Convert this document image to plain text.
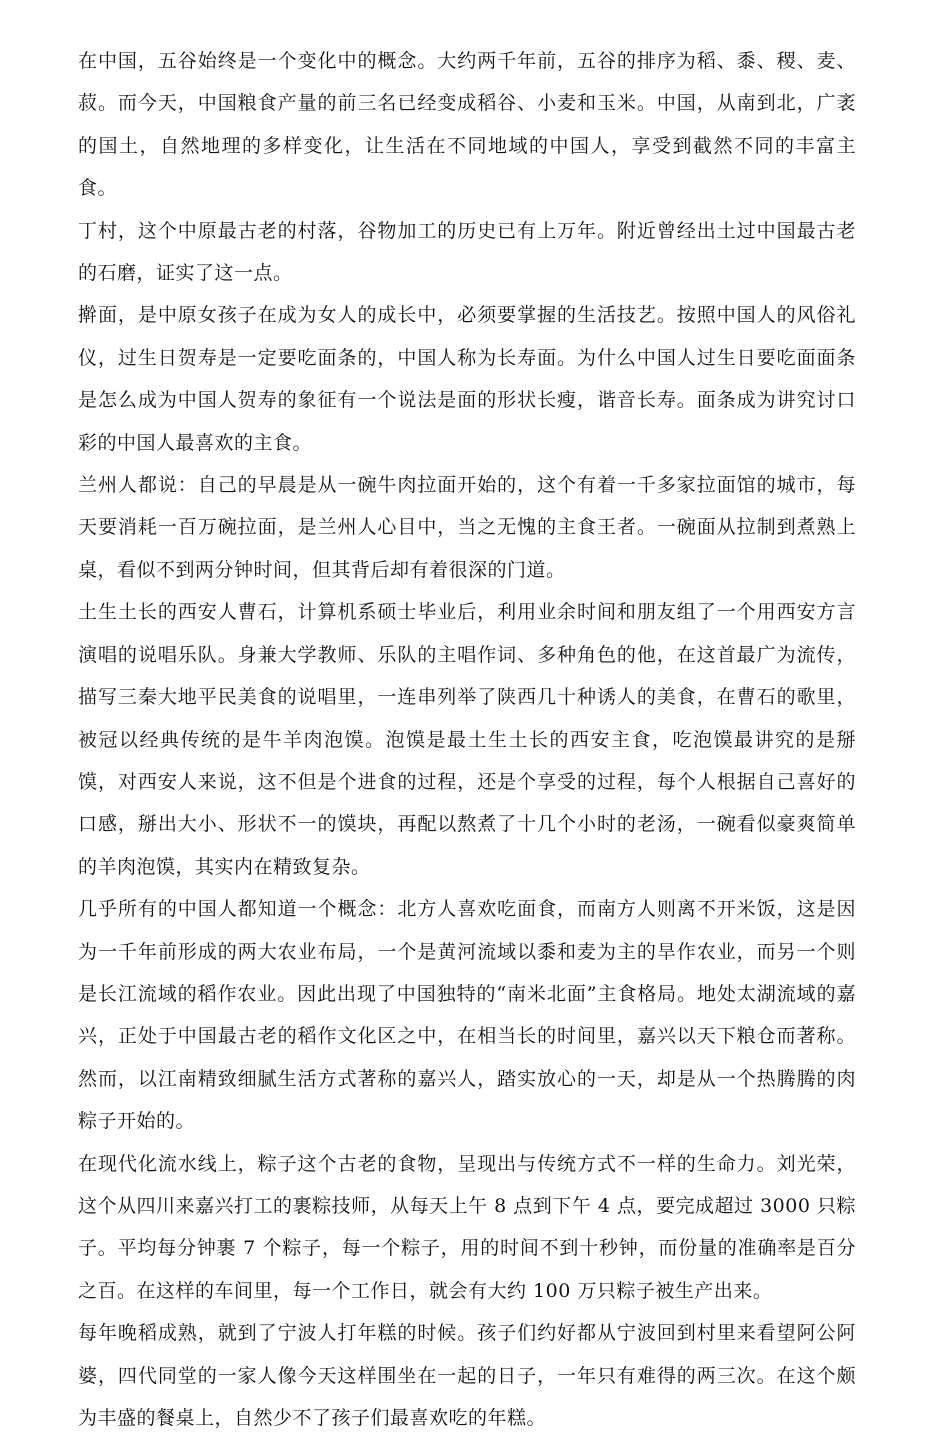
在中国，五谷始终是一个变化中的概念。大约两千年前，五谷的排序为稻、黍、稷、麦、菽。而今天，中国粮食产量的前三名已经变成稻谷、小麦和玉米。中国，从南到北，广袤的国土，自然地理的多样变化，让生活在不同地域的中国人，享受到截然不同的丰富主食。

丁村，这个中原最古老的村落，谷物加工的历史已有上万年。附近曾经出土过中国最古老的石磨，证实了这一点。

擀面，是中原女孩子在成为女人的成长中，必须要掌握的生活技艺。按照中国人的风俗礼仪，过生日贺寿是一定要吃面条的，中国人称为长寿面。为什么中国人过生日要吃面面条是怎么成为中国人贺寿的象征有一个说法是面的形状长瘦，谐音长寿。面条成为讲究讨口彩的中国人最喜欢的主食。

兰州人都说：自己的早晨是从一碗牛肉拉面开始的，这个有着一千多家拉面馆的城市，每天要消耗一百万碗拉面，是兰州人心目中，当之无愧的主食王者。一碗面从拉制到煮熟上桌，看似不到两分钟时间，但其背后却有着很深的门道。

土生土长的西安人曹石，计算机系硕士毕业后，利用业余时间和朋友组了一个用西安方言演唱的说唱乐队。身兼大学教师、乐队的主唱作词、多种角色的他，在这首最广为流传，描写三秦大地平民美食的说唱里，一连串列举了陕西几十种诱人的美食，在曹石的歌里，被冠以经典传统的是牛羊肉泡馍。泡馍是最土生土长的西安主食，吃泡馍最讲究的是掰馍，对西安人来说，这不但是个进食的过程，还是个享受的过程，每个人根据自己喜好的口感，掰出大小、形状不一的馍块，再配以熬煮了十几个小时的老汤，一碗看似豪爽简单的羊肉泡馍，其实内在精致复杂。

几乎所有的中国人都知道一个概念：北方人喜欢吃面食，而南方人则离不开米饭，这是因为一千年前形成的两大农业布局，一个是黄河流域以黍和麦为主的旱作农业，而另一个则是长江流域的稻作农业。因此出现了中国独特的“南米北面”主食格局。地处太湖流域的嘉兴，正处于中国最古老的稻作文化区之中，在相当长的时间里，嘉兴以天下粮仓而著称。然而，以江南精致细腻生活方式著称的嘉兴人，踏实放心的一天，却是从一个热腾腾的肉粽子开始的。

在现代化流水线上，粽子这个古老的食物，呈现出与传统方式不一样的生命力。刘光荣，这个从四川来嘉兴打工的裹粽技师，从每天上午 8 点到下午 4 点，要完成超过 3000 只粽子。平均每分钟裹 7 个粽子，每一个粽子，用的时间不到十秒钟，而份量的准确率是百分之百。在这样的车间里，每一个工作日，就会有大约 100 万只粽子被生产出来。

每年晚稻成熟，就到了宁波人打年糕的时候。孩子们约好都从宁波回到村里来看望阿公阿婆，四代同堂的一家人像今天这样围坐在一起的日子，一年只有难得的两三次。在这个颇为丰盛的餐桌上，自然少不了孩子们最喜欢吃的年糕。
